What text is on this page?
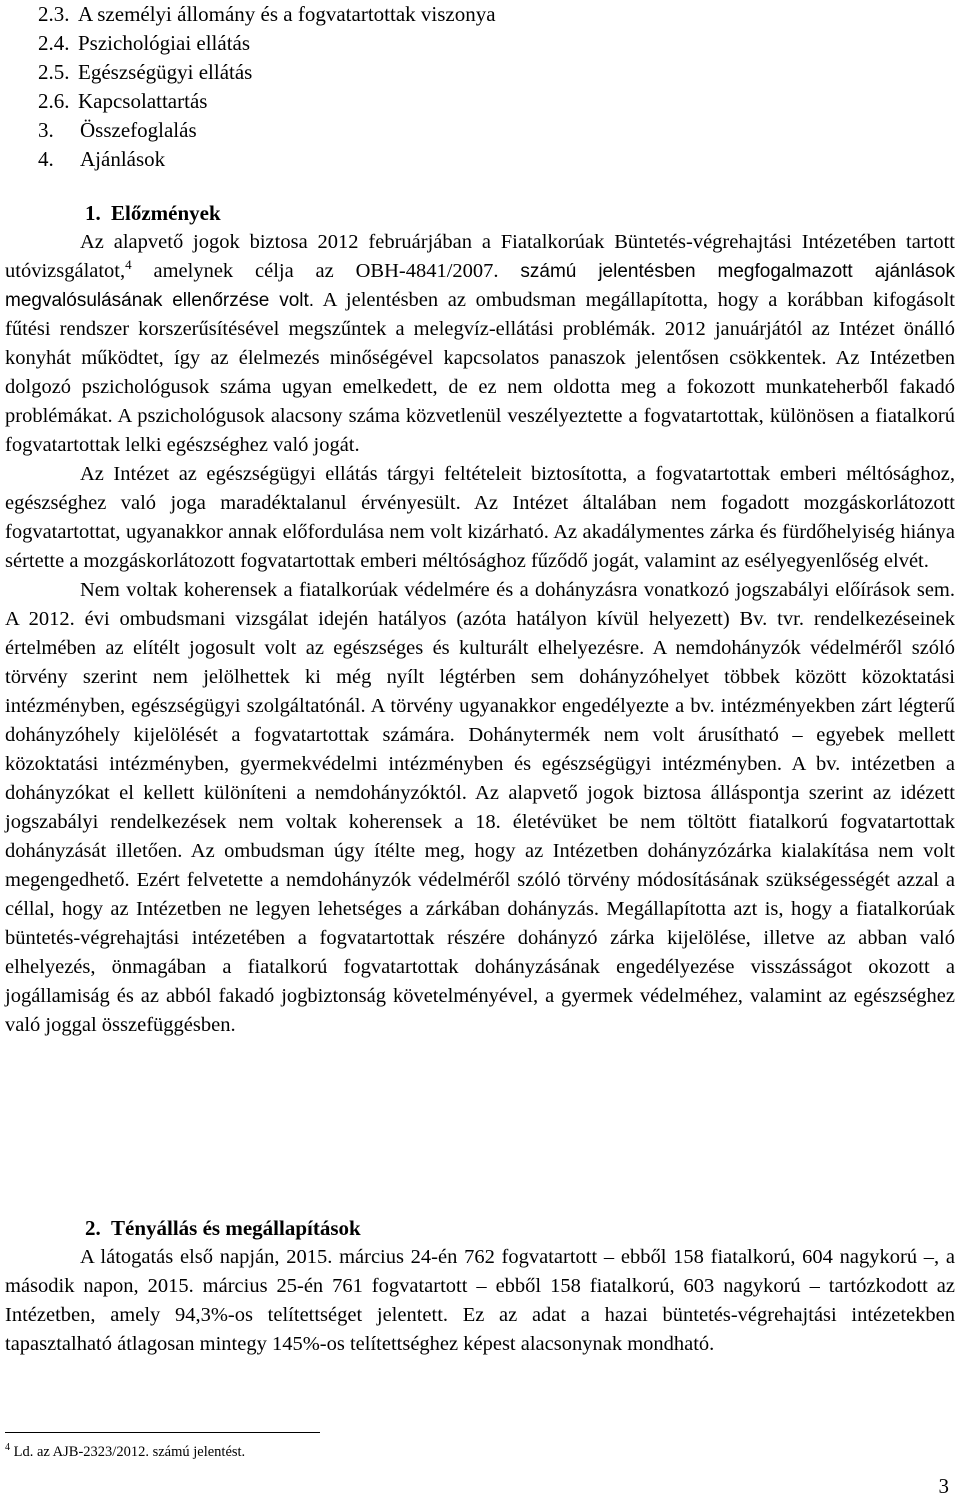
2.3. A személyi állomány és a fogvatartottak viszonya
2.4. Pszichológiai ellátás
2.5. Egészségügyi ellátás
2.6. Kapcsolattartás
3. Összefoglalás
4. Ajánlások
1. Előzmények

Az alapvető jogok biztosa 2012 februárjában a Fiatalkorúak Büntetés-végrehajtási Intézetében tartott utóvizsgálatot,$^4$ amelynek célja az OBH-4841/2007. számú jelentésben megfogalmazott ajánlások megvalósulásának ellenőrzése volt. A jelentésben az ombudsman megállapította, hogy a korábban kifogásolt fűtési rendszer korszerűsítésével megszűntek a melegvíz-ellátási problémák. 2012 januárjától az Intézet önálló konyhát működtet, így az élelmezés minőségével kapcsolatos panaszok jelentősen csökkentek. Az Intézetben dolgozó pszichológusok száma ugyan emelkedett, de ez nem oldotta meg a fokozott munkateherből fakadó problémákat. A pszichológusok alacsony száma közvetlenül veszélyeztette a fogvatartottak, különösen a fiatalkorú fogvatartottak lelki egészséghez való jogát.

Az Intézet az egészségügyi ellátás tárgyi feltételeit biztosította, a fogvatartottak emberi méltósághoz, egészséghez való joga maradéktalanul érvényesült. Az Intézet általában nem fogadott mozgáskorlátozott fogvatartottat, ugyanakkor annak előfordulása nem volt kizárható. Az akadálymentes zárka és fürdőhelyiség hiánya sértette a mozgáskorlátozott fogvatartottak emberi méltósághoz fűződő jogát, valamint az esélyegyenlőség elvét.

Nem voltak koherensek a fiatalkorúak védelmére és a dohányzásra vonatkozó jogszabályi előírások sem. A 2012. évi ombudsmani vizsgálat idején hatályos (azóta hatályon kívül helyezett) Bv. tvr. rendelkezéseinek értelmében az elítélt jogosult volt az egészséges és kulturált elhelyezésre. A nemdohányzók védelméről szóló törvény szerint nem jelölhettek ki még nyílt légtérben sem dohányzóhelyet többek között közoktatási intézményben, egészségügyi szolgáltatónál. A törvény ugyanakkor engedélyezte a bv. intézményekben zárt légterű dohányzóhely kijelölését a fogvatartottak számára. Dohánytermék nem volt árusítható – egyebek mellett közoktatási intézményben, gyermekvédelmi intézményben és egészségügyi intézményben. A bv. intézetben a dohányzókat el kellett különíteni a nemdohányzóktól. Az alapvető jogok biztosa álláspontja szerint az idézett jogszabályi rendelkezések nem voltak koherensek a 18. életévüket be nem töltött fiatalkorú fogvatartottak dohányzását illetően. Az ombudsman úgy ítélte meg, hogy az Intézetben dohányzózárka kialakítása nem volt megengedhető. Ezért felvetette a nemdohányzók védelméről szóló törvény módosításának szükségességét azzal a céllal, hogy az Intézetben ne legyen lehetséges a zárkában dohányzás. Megállapította azt is, hogy a fiatalkorúak büntetés-végrehajtási intézetében a fogvatartottak részére dohányzó zárka kijelölése, illetve az abban való elhelyezés, önmagában a fiatalkorú fogvatartottak dohányzásának engedélyezése visszásságot okozott a jogállamiság és az abból fakadó jogbiztonság követelményével, a gyermek védelméhez, valamint az egészséghez való joggal összefüggésben.

2. Tényállás és megállapítások

A látogatás első napján, 2015. március 24-én 762 fogvatartott – ebből 158 fiatalkorú, 604 nagykorú –, a második napon, 2015. március 25-én 761 fogvatartott – ebből 158 fiatalkorú, 603 nagykorú – tartózkodott az Intézetben, amely 94,3%-os telítettséget jelentett. Ez az adat a hazai büntetés-végrehajtási intézetekben tapasztalható átlagosan mintegy 145%-os telítettséghez képest alacsonynak mondható.

$^4$ Ld. az AJB-2323/2012. számú jelentést.
3
